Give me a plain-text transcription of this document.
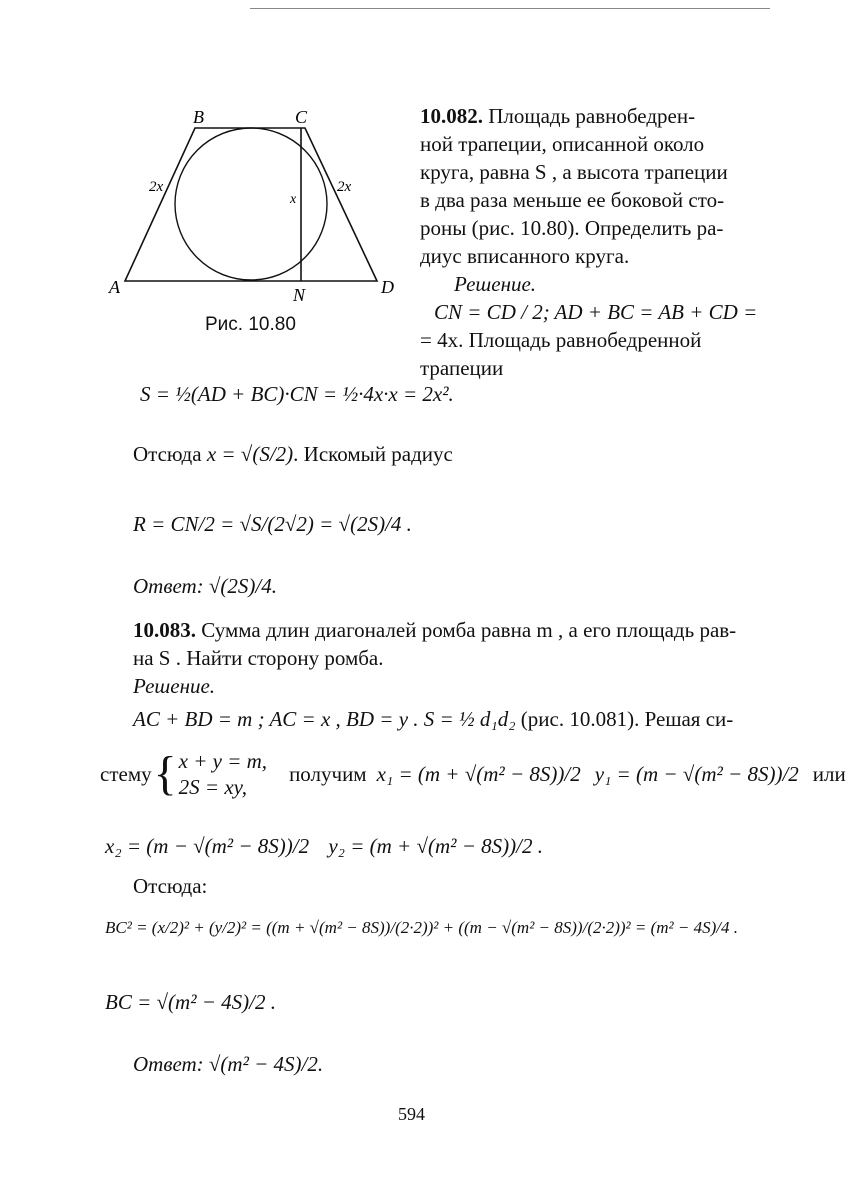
B	C
A	D
N
x
2x	2x
Рис. 10.80
10.082. Площадь равнобедрен-
ной трапеции, описанной около
круга, равна S , а высота трапеции
в два раза меньше ее боковой сто-
роны (рис. 10.80). Определить ра-
диус вписанного круга.
Решение.
CN = CD / 2; AD + BC = AB + CD =
= 4x. Площадь равнобедренной
трапеции
S = ½(AD + BC)·CN = ½·4x·x = 2x².
Отсюда x = √(S/2). Искомый радиус
R = CN/2 = √S/(2√2) = √(2S)/4 .
Ответ: √(2S)/4.
10.083. Сумма длин диагоналей ромба равна m , а его площадь рав-
на S . Найти сторону ромба.
Решение.
AC + BD = m ; AC = x , BD = y . S = ½ d₁d₂ (рис. 10.081). Решая си-
стему { x + y = m,
2S = xy,
получим x₁ = (m + √(m² − 8S))/2 y₁ = (m − √(m² − 8S))/2 или
x₂ = (m − √(m² − 8S))/2 y₂ = (m + √(m² − 8S))/2 .
Отсюда:
BC² = (x/2)² + (y/2)² = ((m + √(m² − 8S))/(2·2))² + ((m − √(m² − 8S))/(2·2))² = (m² − 4S)/4 .
BC = √(m² − 4S)/2 .
Ответ: √(m² − 4S)/2.
594
